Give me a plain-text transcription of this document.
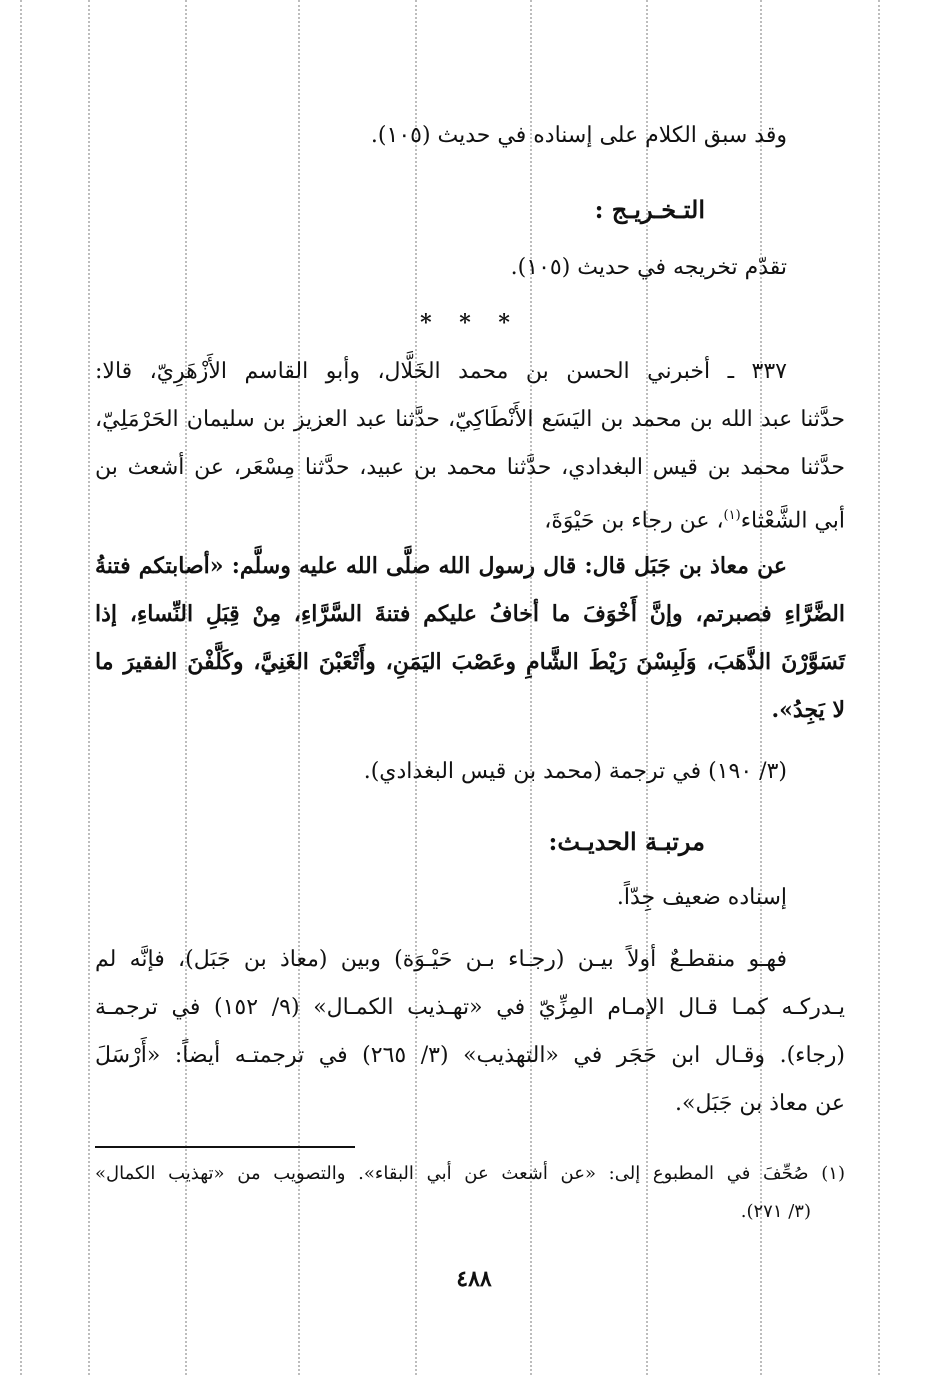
وقد سبق الكلام على إسناده في حديث (١٠٥).
التـخـريـج :
تقدّم تخريجه في حديث (١٠٥).
* * *
٣٣٧ ـ أخبرني الحسن بن محمد الخَلَّال، وأبو القاسم الأَزْهَرِيّ، قالا:
حدَّثنا عبد الله بن محمد بن اليَسَع الأَنْطَاكِيّ، حدَّثنا عبد العزيز بن سليمان الحَرْمَلِيّ،
حدَّثنا محمد بن قيس البغدادي، حدَّثنا محمد بن عبيد، حدَّثنا مِسْعَر، عن أشعث بن
أبي الشَّعْثاء$^{(١)}$، عن رجاء بن حَيْوَةَ،
عن معاذ بن جَبَل قال: قال رسول الله صلَّى الله عليه وسلَّم: «أصابتكم فتنةُ
الضَّرَّاءِ فصبرتم، وإنَّ أَخْوَفَ ما أخافُ عليكم فتنةَ السَّرَّاءِ، مِنْ قِبَلِ النِّساءِ، إذا
تَسَوَّرْنَ الذَّهَبَ، وَلَبِسْنَ رَيْطَ الشَّامِ وعَصْبَ اليَمَنِ، وأَتْعَبْنَ الغَنِيَّ، وكَلَّفْنَ الفقيرَ ما
لا يَجِدُ».
(٣/ ١٩٠) في ترجمة (محمد بن قيس البغدادي).
مرتبـة الحديـث:
إسناده ضعيف جِدّاً.
فهـو منقطـعٌ أولاً بيـن (رجـاء بـن حَيْـوَة) وبين (معاذ بن جَبَل)، فإنَّه لم
يـدركـه كمـا قـال الإمـام المِزِّيّ في «تهـذيب الكمـال» (٩/ ١٥٢) في ترجمـة
(رجاء). وقـال ابن حَجَر في «التهذيب» (٣/ ٢٦٥) في ترجمتـه أيضاً: «أَرْسَلَ
عن معاذ بن جَبَل».
(١) صُحِّفَ في المطبوع إلى: «عن أشعث عن أبي البقاء». والتصويب من «تهذيب الكمال»
(٣/ ٢٧١).
٤٨٨
